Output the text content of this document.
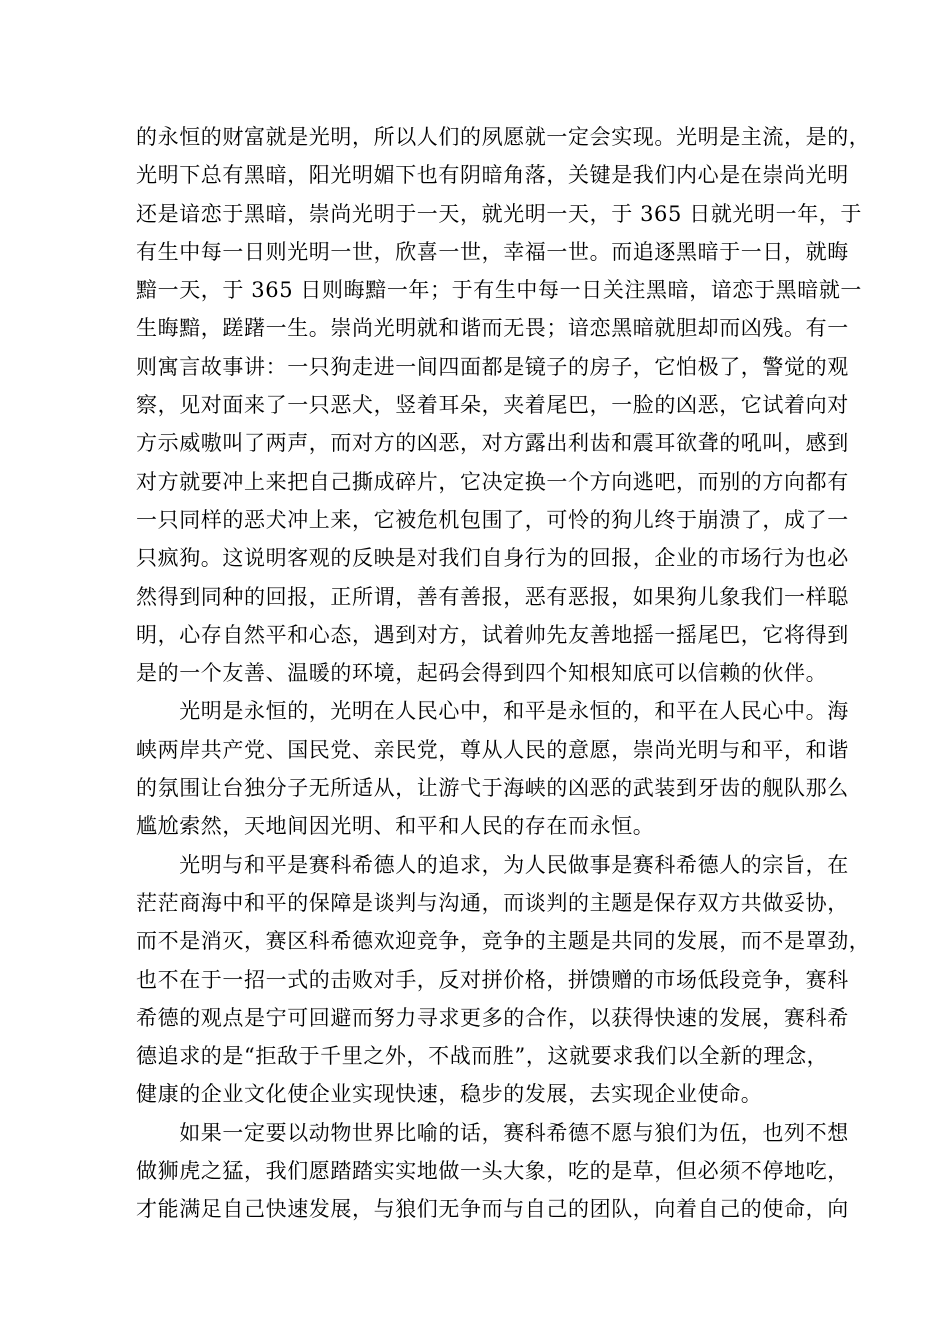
的永恒的财富就是光明，所以人们的夙愿就一定会实现。光明是主流，是的，
光明下总有黑暗，阳光明媚下也有阴暗角落，关键是我们内心是在崇尚光明
还是谙恋于黑暗，崇尚光明于一天，就光明一天，于 365 日就光明一年，于
有生中每一日则光明一世，欣喜一世，幸福一世。而追逐黑暗于一日，就晦
黯一天，于 365 日则晦黯一年；于有生中每一日关注黑暗，谙恋于黑暗就一
生晦黯，蹉躇一生。崇尚光明就和谐而无畏；谙恋黑暗就胆却而凶残。有一
则寓言故事讲：一只狗走进一间四面都是镜子的房子，它怕极了，警觉的观
察，见对面来了一只恶犬，竖着耳朵，夹着尾巴，一脸的凶恶，它试着向对
方示威嗷叫了两声，而对方的凶恶，对方露出利齿和震耳欲聋的吼叫，感到
对方就要冲上来把自己撕成碎片，它决定换一个方向逃吧，而别的方向都有
一只同样的恶犬冲上来，它被危机包围了，可怜的狗儿终于崩溃了，成了一
只疯狗。这说明客观的反映是对我们自身行为的回报，企业的市场行为也必
然得到同种的回报，正所谓，善有善报，恶有恶报，如果狗儿象我们一样聪
明，心存自然平和心态，遇到对方，试着帅先友善地摇一摇尾巴，它将得到
是的一个友善、温暖的环境，起码会得到四个知根知底可以信赖的伙伴。
　　光明是永恒的，光明在人民心中，和平是永恒的，和平在人民心中。海
峡两岸共产党、国民党、亲民党，尊从人民的意愿，崇尚光明与和平，和谐
的氛围让台独分子无所适从，让游弋于海峡的凶恶的武装到牙齿的舰队那么
尴尬索然，天地间因光明、和平和人民的存在而永恒。
　　光明与和平是赛科希德人的追求，为人民做事是赛科希德人的宗旨，在
茫茫商海中和平的保障是谈判与沟通，而谈判的主题是保存双方共做妥协，
而不是消灭，赛区科希德欢迎竞争，竞争的主题是共同的发展，而不是罩劲，
也不在于一招一式的击败对手，反对拼价格，拼馈赠的市场低段竞争，赛科
希德的观点是宁可回避而努力寻求更多的合作，以获得快速的发展，赛科希
德追求的是“拒敌于千里之外，不战而胜”，这就要求我们以全新的理念，
健康的企业文化使企业实现快速，稳步的发展，去实现企业使命。
　　如果一定要以动物世界比喻的话，赛科希德不愿与狼们为伍，也列不想
做狮虎之猛，我们愿踏踏实实地做一头大象，吃的是草，但必须不停地吃，
才能满足自己快速发展，与狼们无争而与自己的团队，向着自己的使命，向
